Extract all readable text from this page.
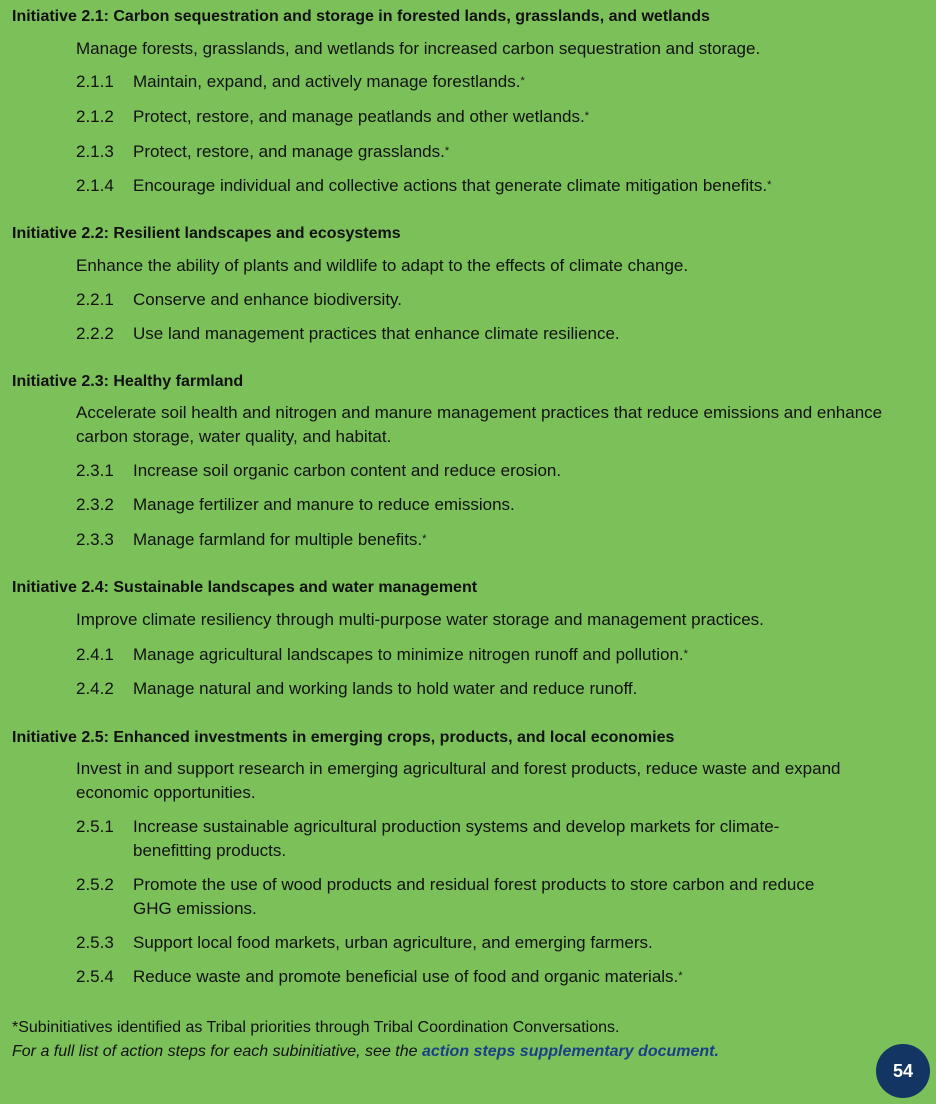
Initiative 2.1: Carbon sequestration and storage in forested lands, grasslands, and wetlands
Manage forests, grasslands, and wetlands for increased carbon sequestration and storage.
2.1.1	Maintain, expand, and actively manage forestlands.*
2.1.2	Protect, restore, and manage peatlands and other wetlands.*
2.1.3	Protect, restore, and manage grasslands.*
2.1.4	Encourage individual and collective actions that generate climate mitigation benefits.*
Initiative 2.2: Resilient landscapes and ecosystems
Enhance the ability of plants and wildlife to adapt to the effects of climate change.
2.2.1	Conserve and enhance biodiversity.
2.2.2	Use land management practices that enhance climate resilience.
Initiative 2.3: Healthy farmland
Accelerate soil health and nitrogen and manure management practices that reduce emissions and enhance carbon storage, water quality, and habitat.
2.3.1	Increase soil organic carbon content and reduce erosion.
2.3.2	Manage fertilizer and manure to reduce emissions.
2.3.3	Manage farmland for multiple benefits.*
Initiative 2.4: Sustainable landscapes and water management
Improve climate resiliency through multi-purpose water storage and management practices.
2.4.1	Manage agricultural landscapes to minimize nitrogen runoff and pollution.*
2.4.2	Manage natural and working lands to hold water and reduce runoff.
Initiative 2.5: Enhanced investments in emerging crops, products, and local economies
Invest in and support research in emerging agricultural and forest products, reduce waste and expand economic opportunities.
2.5.1	Increase sustainable agricultural production systems and develop markets for climate-benefitting products.
2.5.2	Promote the use of wood products and residual forest products to store carbon and reduce GHG emissions.
2.5.3	Support local food markets, urban agriculture, and emerging farmers.
2.5.4	Reduce waste and promote beneficial use of food and organic materials.*
*Subinitiatives identified as Tribal priorities through Tribal Coordination Conversations.
For a full list of action steps for each subinitiative, see the action steps supplementary document.
54
